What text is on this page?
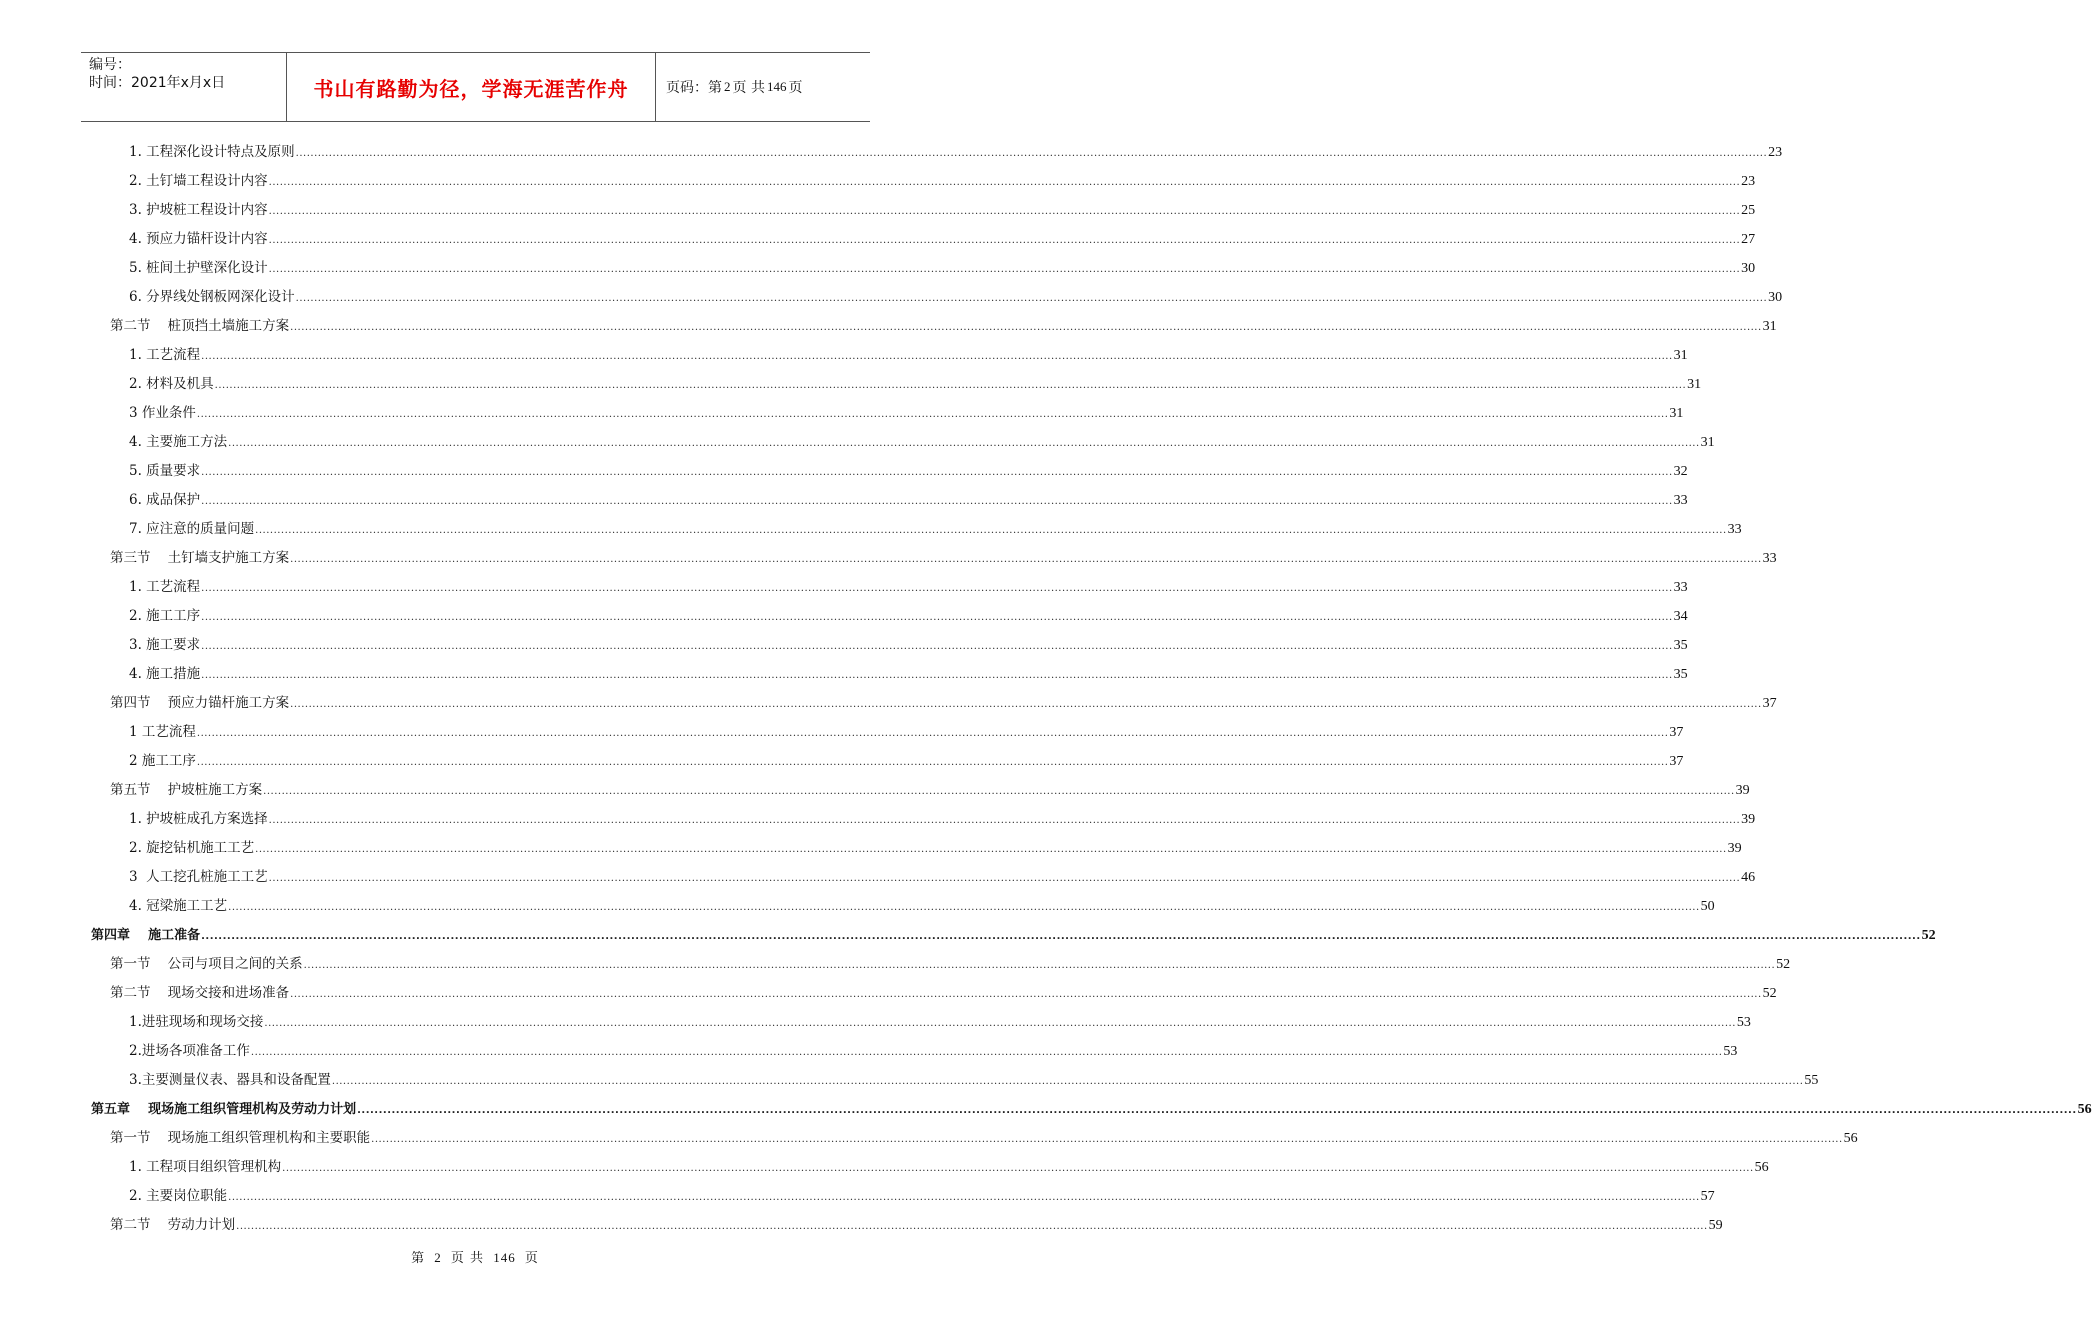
编号：
时间：2021年x月x日	书山有路勤为径，学海无涯苦作舟	页码：第 2 页 共 146 页
1. 工程深化设计特点及原则 ................................................................................................................................................................................................................................................................................................................................................................................................................ 23
2. 土钉墙工程设计内容 ................................................................................................................................................................................................................................................................................................................................................................................................................ 23
3. 护坡桩工程设计内容 ................................................................................................................................................................................................................................................................................................................................................................................................................ 25
4. 预应力锚杆设计内容 ................................................................................................................................................................................................................................................................................................................................................................................................................ 27
5. 桩间土护壁深化设计 ................................................................................................................................................................................................................................................................................................................................................................................................................ 30
6. 分界线处钢板网深化设计 ................................................................................................................................................................................................................................................................................................................................................................................................................ 30
第二节    桩顶挡土墙施工方案 ................................................................................................................................................................................................................................................................................................................................................................................................................ 31
1. 工艺流程 ................................................................................................................................................................................................................................................................................................................................................................................................................ 31
2. 材料及机具 ................................................................................................................................................................................................................................................................................................................................................................................................................ 31
3 作业条件 ................................................................................................................................................................................................................................................................................................................................................................................................................ 31
4. 主要施工方法 ................................................................................................................................................................................................................................................................................................................................................................................................................ 31
5. 质量要求 ................................................................................................................................................................................................................................................................................................................................................................................................................ 32
6. 成品保护 ................................................................................................................................................................................................................................................................................................................................................................................................................ 33
7. 应注意的质量问题 ................................................................................................................................................................................................................................................................................................................................................................................................................ 33
第三节    土钉墙支护施工方案 ................................................................................................................................................................................................................................................................................................................................................................................................................ 33
1. 工艺流程 ................................................................................................................................................................................................................................................................................................................................................................................................................ 33
2. 施工工序 ................................................................................................................................................................................................................................................................................................................................................................................................................ 34
3. 施工要求 ................................................................................................................................................................................................................................................................................................................................................................................................................ 35
4. 施工措施 ................................................................................................................................................................................................................................................................................................................................................................................................................ 35
第四节    预应力锚杆施工方案 ................................................................................................................................................................................................................................................................................................................................................................................................................ 37
1 工艺流程 ................................................................................................................................................................................................................................................................................................................................................................................................................ 37
2 施工工序 ................................................................................................................................................................................................................................................................................................................................................................................................................ 37
第五节    护坡桩施工方案 ................................................................................................................................................................................................................................................................................................................................................................................................................ 39
1. 护坡桩成孔方案选择 ................................................................................................................................................................................................................................................................................................................................................................................................................ 39
2. 旋挖钻机施工工艺 ................................................................................................................................................................................................................................................................................................................................................................................................................ 39
3  人工挖孔桩施工工艺 ................................................................................................................................................................................................................................................................................................................................................................................................................ 46
4. 冠梁施工工艺 ................................................................................................................................................................................................................................................................................................................................................................................................................ 50
第四章    施工准备 ................................................................................................................................................................................................................................................................................................................................................................................................................ 52
第一节    公司与项目之间的关系 ................................................................................................................................................................................................................................................................................................................................................................................................................ 52
第二节    现场交接和进场准备 ................................................................................................................................................................................................................................................................................................................................................................................................................ 52
1.进驻现场和现场交接 ................................................................................................................................................................................................................................................................................................................................................................................................................ 53
2.进场各项准备工作 ................................................................................................................................................................................................................................................................................................................................................................................................................ 53
3.主要测量仪表、器具和设备配置 ................................................................................................................................................................................................................................................................................................................................................................................................................ 55
第五章    现场施工组织管理机构及劳动力计划 ................................................................................................................................................................................................................................................................................................................................................................................................................ 56
第一节    现场施工组织管理机构和主要职能 ................................................................................................................................................................................................................................................................................................................................................................................................................ 56
1. 工程项目组织管理机构 ................................................................................................................................................................................................................................................................................................................................................................................................................ 56
2. 主要岗位职能 ................................................................................................................................................................................................................................................................................................................................................................................................................ 57
第二节    劳动力计划 ................................................................................................................................................................................................................................................................................................................................................................................................................ 59
第 2 页 共 146 页
